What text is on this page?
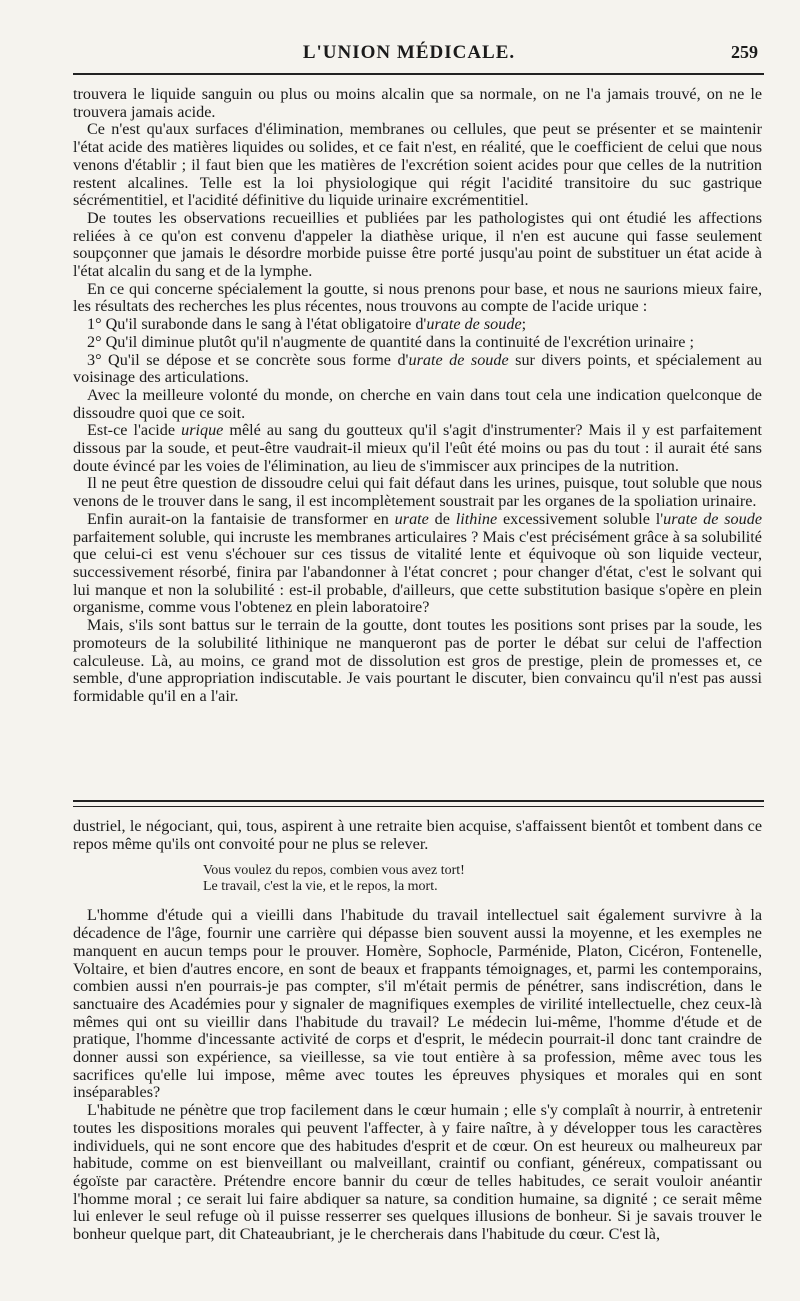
L'UNION MÉDICALE.	259

trouvera le liquide sanguin ou plus ou moins alcalin que sa normale, on ne l'a jamais trouvé, on ne le trouvera jamais acide.

Ce n'est qu'aux surfaces d'élimination, membranes ou cellules, que peut se présenter et se maintenir l'état acide des matières liquides ou solides, et ce fait n'est, en réalité, que le coefficient de celui que nous venons d'établir ; il faut bien que les matières de l'excrétion soient acides pour que celles de la nutrition restent alcalines. Telle est la loi physiologique qui régit l'acidité transitoire du suc gastrique sécrémentitiel, et l'acidité définitive du liquide urinaire excrémentitiel.

De toutes les observations recueillies et publiées par les pathologistes qui ont étudié les affections reliées à ce qu'on est convenu d'appeler la diathèse urique, il n'en est aucune qui fasse seulement soupçonner que jamais le désordre morbide puisse être porté jusqu'au point de substituer un état acide à l'état alcalin du sang et de la lymphe.

En ce qui concerne spécialement la goutte, si nous prenons pour base, et nous ne saurions mieux faire, les résultats des recherches les plus récentes, nous trouvons au compte de l'acide urique :

1° Qu'il surabonde dans le sang à l'état obligatoire d'urate de soude;

2° Qu'il diminue plutôt qu'il n'augmente de quantité dans la continuité de l'excrétion urinaire ;

3° Qu'il se dépose et se concrète sous forme d'urate de soude sur divers points, et spécialement au voisinage des articulations.

Avec la meilleure volonté du monde, on cherche en vain dans tout cela une indication quelconque de dissoudre quoi que ce soit.

Est-ce l'acide urique mêlé au sang du goutteux qu'il s'agit d'instrumenter? Mais il y est parfaitement dissous par la soude, et peut-être vaudrait-il mieux qu'il l'eût été moins ou pas du tout : il aurait été sans doute évincé par les voies de l'élimination, au lieu de s'immiscer aux principes de la nutrition.

Il ne peut être question de dissoudre celui qui fait défaut dans les urines, puisque, tout soluble que nous venons de le trouver dans le sang, il est incomplètement soustrait par les organes de la spoliation urinaire.

Enfin aurait-on la fantaisie de transformer en urate de lithine excessivement soluble l'urate de soude parfaitement soluble, qui incruste les membranes articulaires ? Mais c'est précisément grâce à sa solubilité que celui-ci est venu s'échouer sur ces tissus de vitalité lente et équivoque où son liquide vecteur, successivement résorbé, finira par l'abandonner à l'état concret ; pour changer d'état, c'est le solvant qui lui manque et non la solubilité : est-il probable, d'ailleurs, que cette substitution basique s'opère en plein organisme, comme vous l'obtenez en plein laboratoire?

Mais, s'ils sont battus sur le terrain de la goutte, dont toutes les positions sont prises par la soude, les promoteurs de la solubilité lithinique ne manqueront pas de porter le débat sur celui de l'affection calculeuse. Là, au moins, ce grand mot de dissolution est gros de prestige, plein de promesses et, ce semble, d'une appropriation indiscutable. Je vais pourtant le discuter, bien convaincu qu'il n'est pas aussi formidable qu'il en a l'air.

dustriel, le négociant, qui, tous, aspirent à une retraite bien acquise, s'affaissent bientôt et tombent dans ce repos même qu'ils ont convoité pour ne plus se relever.

Vous voulez du repos, combien vous avez tort!
Le travail, c'est la vie, et le repos, la mort.

L'homme d'étude qui a vieilli dans l'habitude du travail intellectuel sait également survivre à la décadence de l'âge, fournir une carrière qui dépasse bien souvent aussi la moyenne, et les exemples ne manquent en aucun temps pour le prouver. Homère, Sophocle, Parménide, Platon, Cicéron, Fontenelle, Voltaire, et bien d'autres encore, en sont de beaux et frappants témoignages, et, parmi les contemporains, combien aussi n'en pourrais-je pas compter, s'il m'était permis de pénétrer, sans indiscrétion, dans le sanctuaire des Académies pour y signaler de magnifiques exemples de virilité intellectuelle, chez ceux-là mêmes qui ont su vieillir dans l'habitude du travail? Le médecin lui-même, l'homme d'étude et de pratique, l'homme d'incessante activité de corps et d'esprit, le médecin pourrait-il donc tant craindre de donner aussi son expérience, sa vieillesse, sa vie tout entière à sa profession, même avec tous les sacrifices qu'elle lui impose, même avec toutes les épreuves physiques et morales qui en sont inséparables?

L'habitude ne pénètre que trop facilement dans le cœur humain ; elle s'y complaît à nourrir, à entretenir toutes les dispositions morales qui peuvent l'affecter, à y faire naître, à y développer tous les caractères individuels, qui ne sont encore que des habitudes d'esprit et de cœur. On est heureux ou malheureux par habitude, comme on est bienveillant ou malveillant, craintif ou confiant, généreux, compatissant ou égoïste par caractère. Prétendre encore bannir du cœur de telles habitudes, ce serait vouloir anéantir l'homme moral ; ce serait lui faire abdiquer sa nature, sa condition humaine, sa dignité ; ce serait même lui enlever le seul refuge où il puisse resserrer ses quelques illusions de bonheur. Si je savais trouver le bonheur quelque part, dit Chateaubriant, je le chercherais dans l'habitude du cœur. C'est là,
